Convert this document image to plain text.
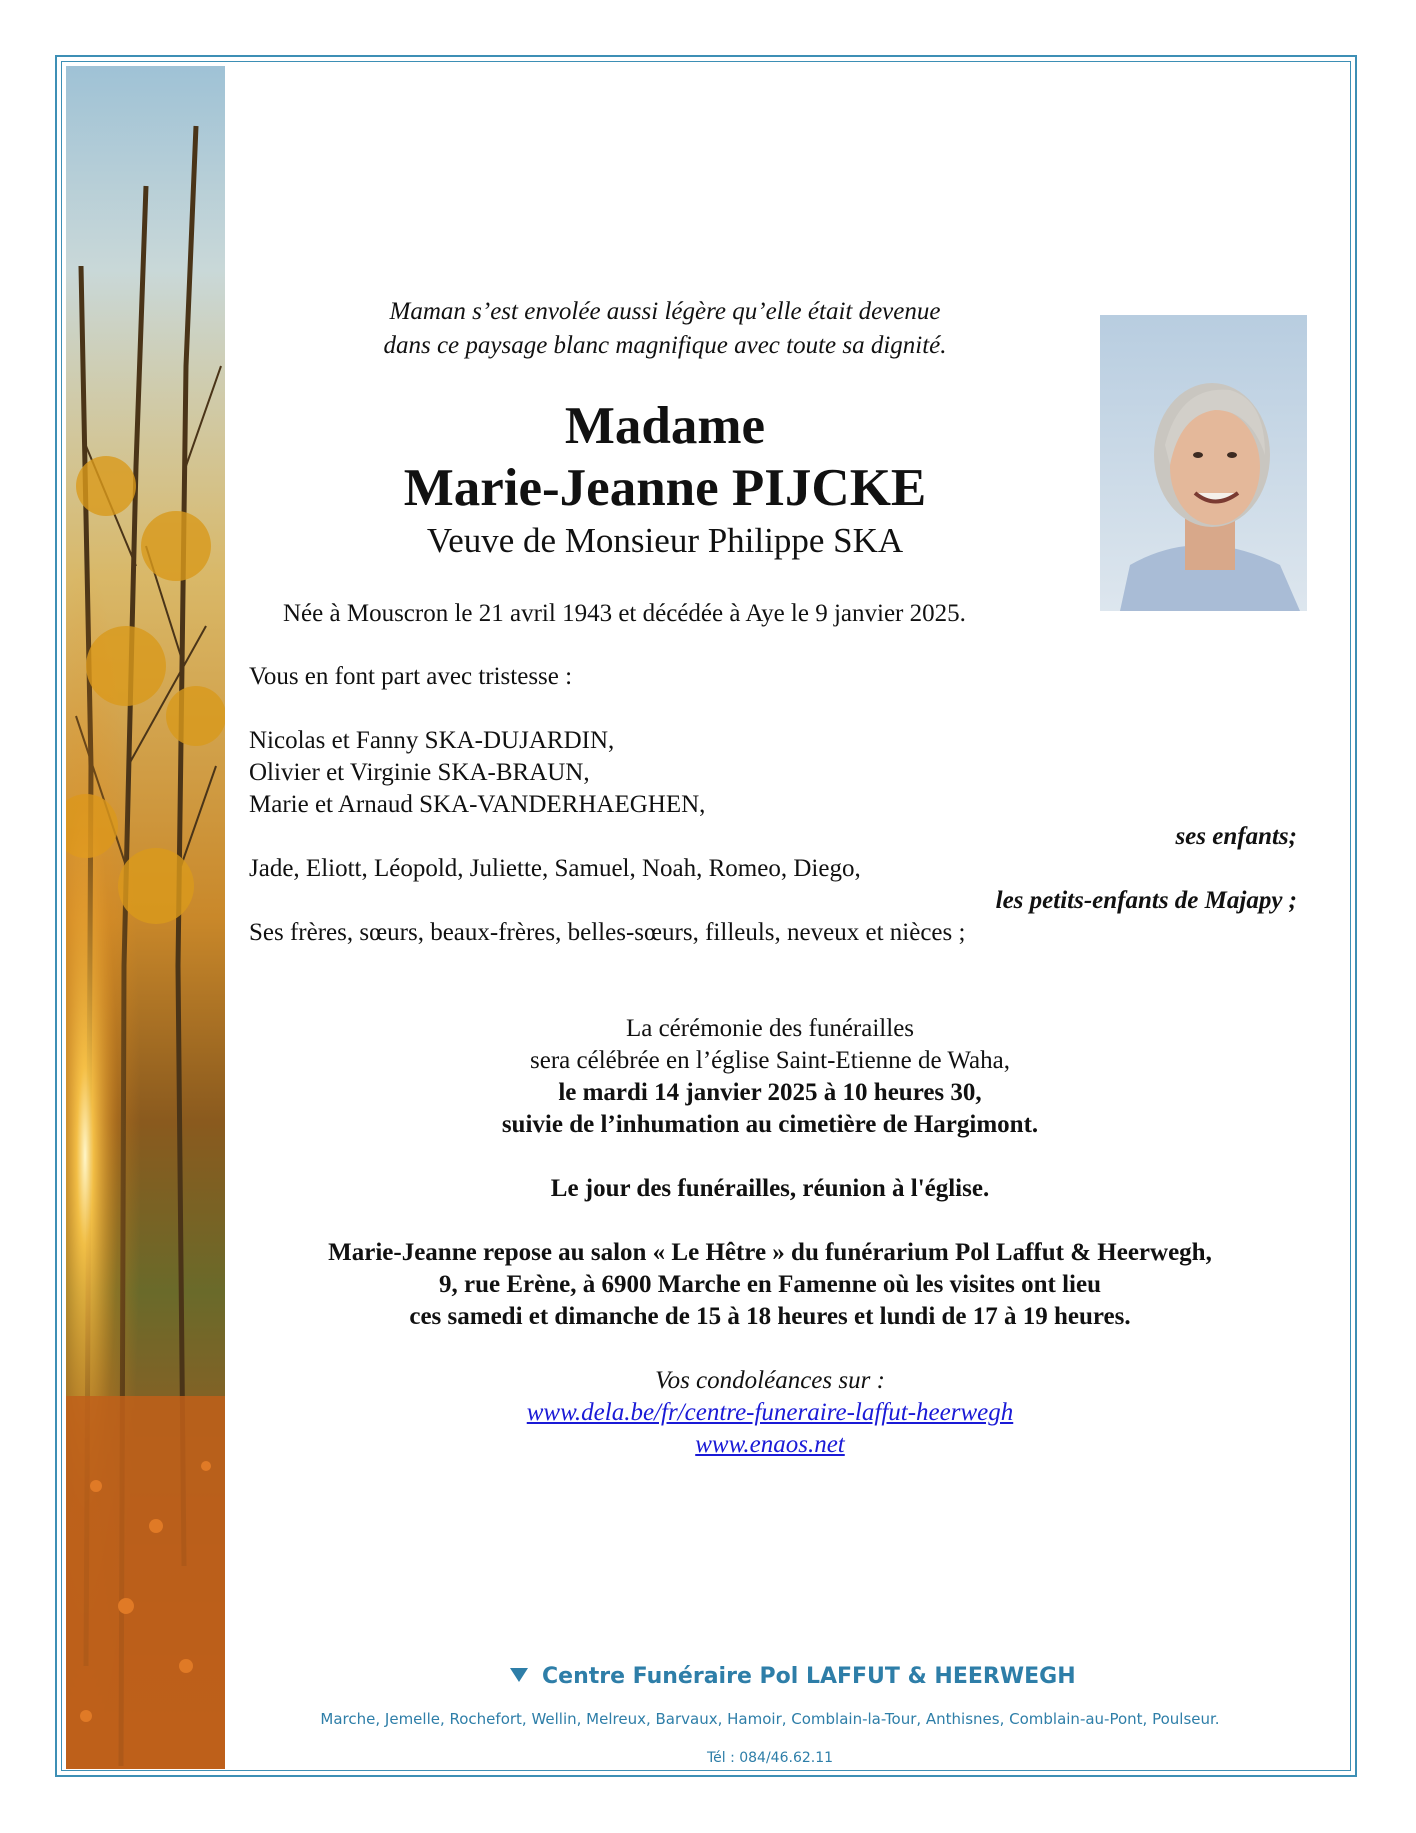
Maman s’est envolée aussi légère qu’elle était devenue
dans ce paysage blanc magnifique avec toute sa dignité.
Madame
Marie-Jeanne PIJCKE
Veuve de Monsieur Philippe SKA
Née à Mouscron le 21 avril 1943 et décédée à Aye le 9 janvier 2025.
Vous en font part avec tristesse :
Nicolas et Fanny SKA-DUJARDIN,
Olivier et Virginie SKA-BRAUN,
Marie et Arnaud SKA-VANDERHAEGHEN,
ses enfants;
Jade, Eliott, Léopold, Juliette, Samuel, Noah, Romeo, Diego,
les petits-enfants de Majapy ;
Ses frères, sœurs, beaux-frères, belles-sœurs, filleuls, neveux et nièces ;
La cérémonie des funérailles
sera célébrée en l’église Saint-Etienne de Waha,
le mardi 14 janvier 2025 à 10 heures 30,
suivie de l’inhumation au cimetière de Hargimont.
Le jour des funérailles, réunion à l'église.
Marie-Jeanne repose au salon « Le Hêtre » du funérarium Pol Laffut & Heerwegh,
9, rue Erène, à 6900 Marche en Famenne où les visites ont lieu
ces samedi et dimanche de 15 à 18 heures et lundi de 17 à 19 heures.
Vos condoléances sur :
www.dela.be/fr/centre-funeraire-laffut-heerwegh
www.enaos.net
Centre Funéraire Pol LAFFUT & HEERWEGH
Marche, Jemelle, Rochefort, Wellin, Melreux, Barvaux, Hamoir, Comblain-la-Tour, Anthisnes, Comblain-au-Pont, Poulseur.
Tél : 084/46.62.11
